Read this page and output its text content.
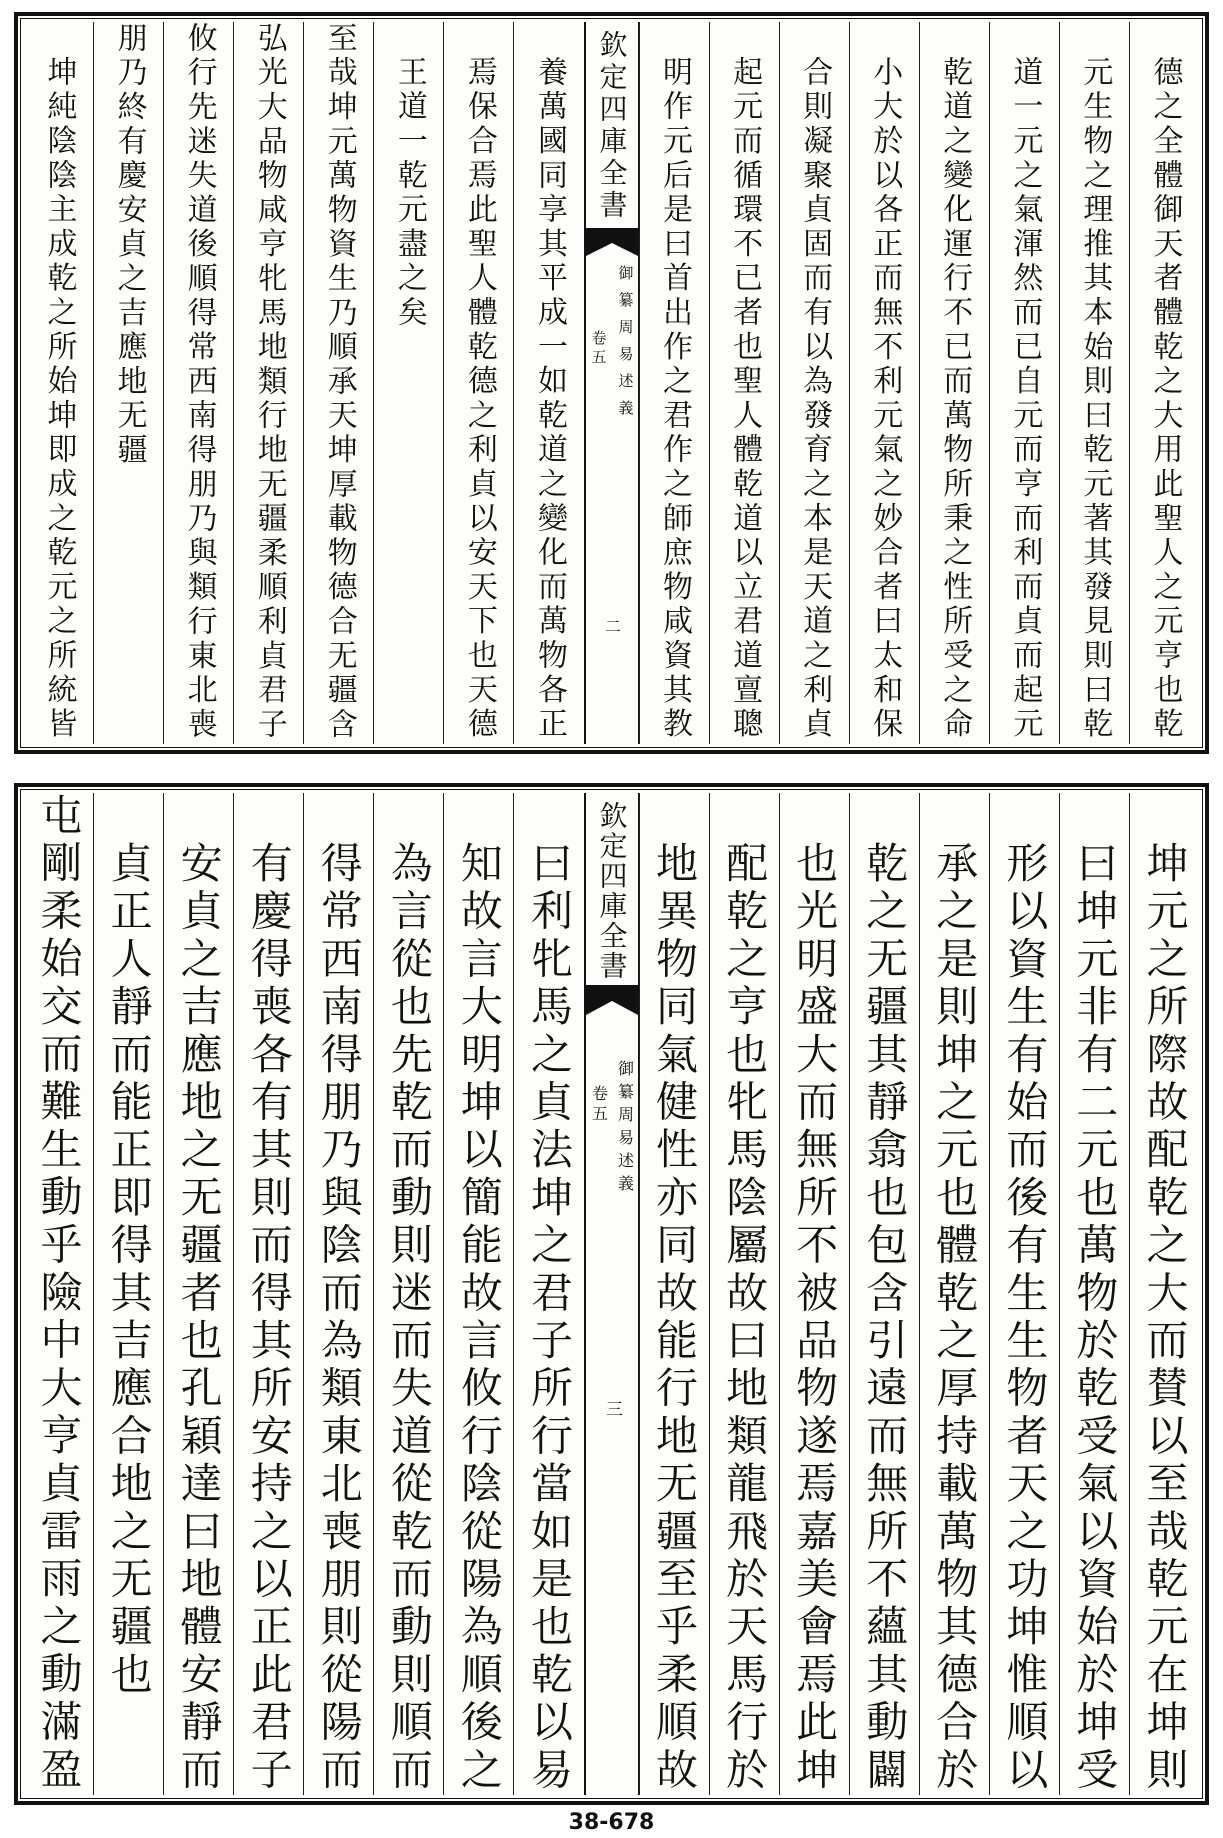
德之全體御天者體乾之大用此聖人之元亨也乾
元生物之理推其本始則曰乾元著其發見則曰乾
道一元之氣渾然而已自元而亨而利而貞而起元
乾道之變化運行不已而萬物所秉之性所受之命
小大於以各正而無不利元氣之妙合者曰太和保
合則凝聚貞固而有以為發育之本是天道之利貞
起元而循環不已者也聖人體乾道以立君道亶聰
明作元后是曰首出作之君作之師庶物咸資其教
欽定四庫全書
御纂周易述義
卷五
二
養萬國同享其平成一如乾道之變化而萬物各正
焉保合焉此聖人體乾德之利貞以安天下也天德
王道一乾元盡之矣
至哉坤元萬物資生乃順承天坤厚載物德合无疆含
弘光大品物咸亨牝馬地類行地无疆柔順利貞君子
攸行先迷失道後順得常西南得朋乃與類行東北喪
朋乃終有慶安貞之吉應地无疆
坤純陰陰主成乾之所始坤即成之乾元之所統皆
坤元之所際故配乾之大而賛以至哉乾元在坤則
曰坤元非有二元也萬物於乾受氣以資始於坤受
形以資生有始而後有生生物者天之功坤惟順以
承之是則坤之元也體乾之厚持載萬物其德合於
乾之无疆其靜翕也包含引遠而無所不蘊其動闢
也光明盛大而無所不被品物遂焉嘉美會焉此坤
配乾之亨也牝馬陰屬故曰地類龍飛於天馬行於
地異物同氣健性亦同故能行地无疆至乎柔順故
欽定四庫全書
御纂周易述義
卷五
三
曰利牝馬之貞法坤之君子所行當如是也乾以易
知故言大明坤以簡能故言攸行陰從陽為順後之
為言從也先乾而動則迷而失道從乾而動則順而
得常西南得朋乃與陰而為類東北喪朋則從陽而
有慶得喪各有其則而得其所安持之以正此君子
安貞之吉應地之无疆者也孔穎達曰地體安靜而
貞正人靜而能正即得其吉應合地之无疆也
屯剛柔始交而難生動乎險中大亨貞雷雨之動滿盈
38-678
